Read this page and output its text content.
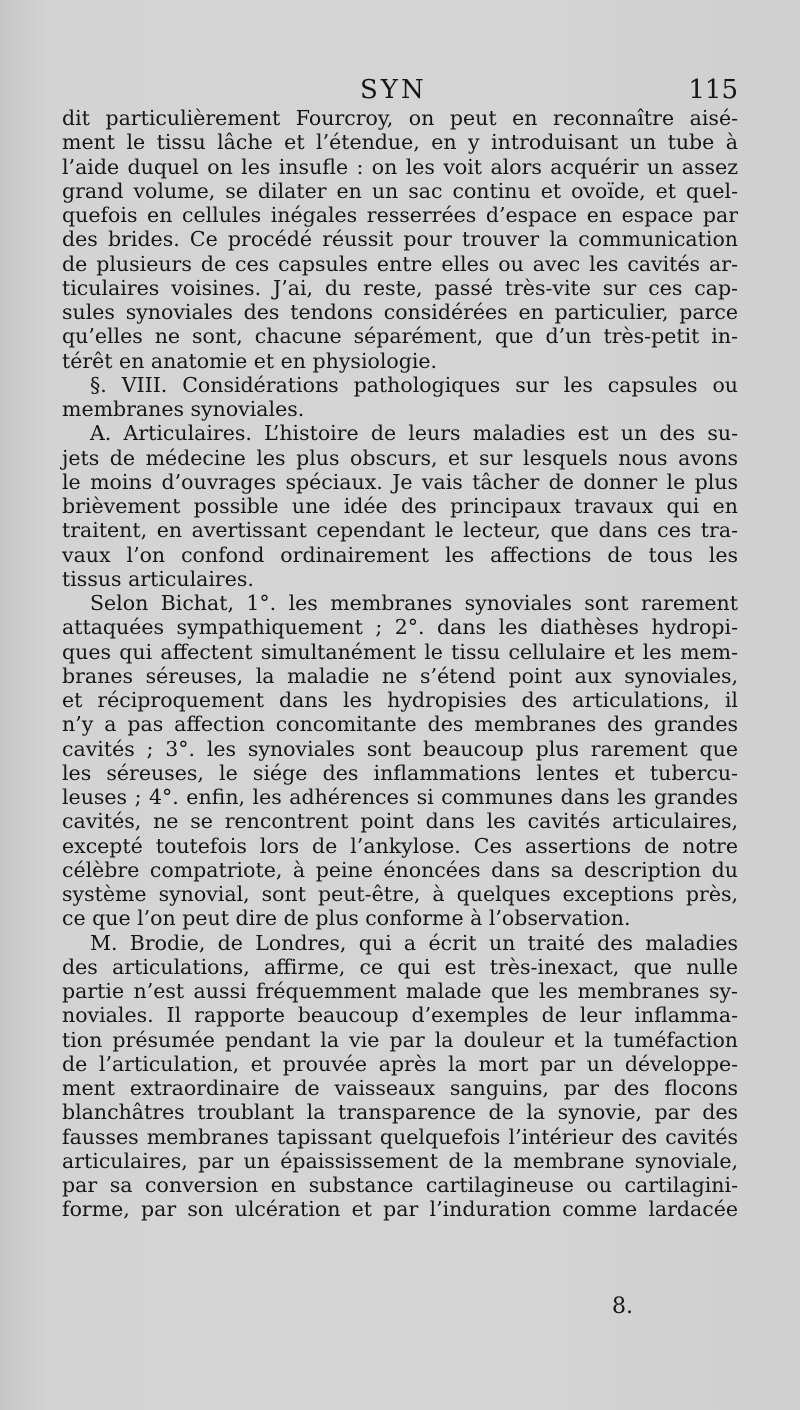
SYN	115
dit particulièrement Fourcroy, on peut en reconnaître aisé-
ment le tissu lâche et l’étendue, en y introduisant un tube à
l’aide duquel on les insufle : on les voit alors acquérir un assez
grand volume, se dilater en un sac continu et ovoïde, et quel-
quefois en cellules inégales resserrées d’espace en espace par
des brides. Ce procédé réussit pour trouver la communication
de plusieurs de ces capsules entre elles ou avec les cavités ar-
ticulaires voisines. J’ai, du reste, passé très-vite sur ces cap-
sules synoviales des tendons considérées en particulier, parce
qu’elles ne sont, chacune séparément, que d’un très-petit in-
térêt en anatomie et en physiologie.
§. VIII. Considérations pathologiques sur les capsules ou
membranes synoviales.
A. Articulaires. L’histoire de leurs maladies est un des su-
jets de médecine les plus obscurs, et sur lesquels nous avons
le moins d’ouvrages spéciaux. Je vais tâcher de donner le plus
brièvement possible une idée des principaux travaux qui en
traitent, en avertissant cependant le lecteur, que dans ces tra-
vaux l’on confond ordinairement les affections de tous les
tissus articulaires.
Selon Bichat, 1°. les membranes synoviales sont rarement
attaquées sympathiquement ; 2°. dans les diathèses hydropi-
ques qui affectent simultanément le tissu cellulaire et les mem-
branes séreuses, la maladie ne s’étend point aux synoviales,
et réciproquement dans les hydropisies des articulations, il
n’y a pas affection concomitante des membranes des grandes
cavités ; 3°. les synoviales sont beaucoup plus rarement que
les séreuses, le siége des inflammations lentes et tubercu-
leuses ; 4°. enfin, les adhérences si communes dans les grandes
cavités, ne se rencontrent point dans les cavités articulaires,
excepté toutefois lors de l’ankylose. Ces assertions de notre
célèbre compatriote, à peine énoncées dans sa description du
système synovial, sont peut-être, à quelques exceptions près,
ce que l’on peut dire de plus conforme à l’observation.
M. Brodie, de Londres, qui a écrit un traité des maladies
des articulations, affirme, ce qui est très-inexact, que nulle
partie n’est aussi fréquemment malade que les membranes sy-
noviales. Il rapporte beaucoup d’exemples de leur inflamma-
tion présumée pendant la vie par la douleur et la tuméfaction
de l’articulation, et prouvée après la mort par un développe-
ment extraordinaire de vaisseaux sanguins, par des flocons
blanchâtres troublant la transparence de la synovie, par des
fausses membranes tapissant quelquefois l’intérieur des cavités
articulaires, par un épaississement de la membrane synoviale,
par sa conversion en substance cartilagineuse ou cartilagini-
forme, par son ulcération et par l’induration comme lardacée
8.
